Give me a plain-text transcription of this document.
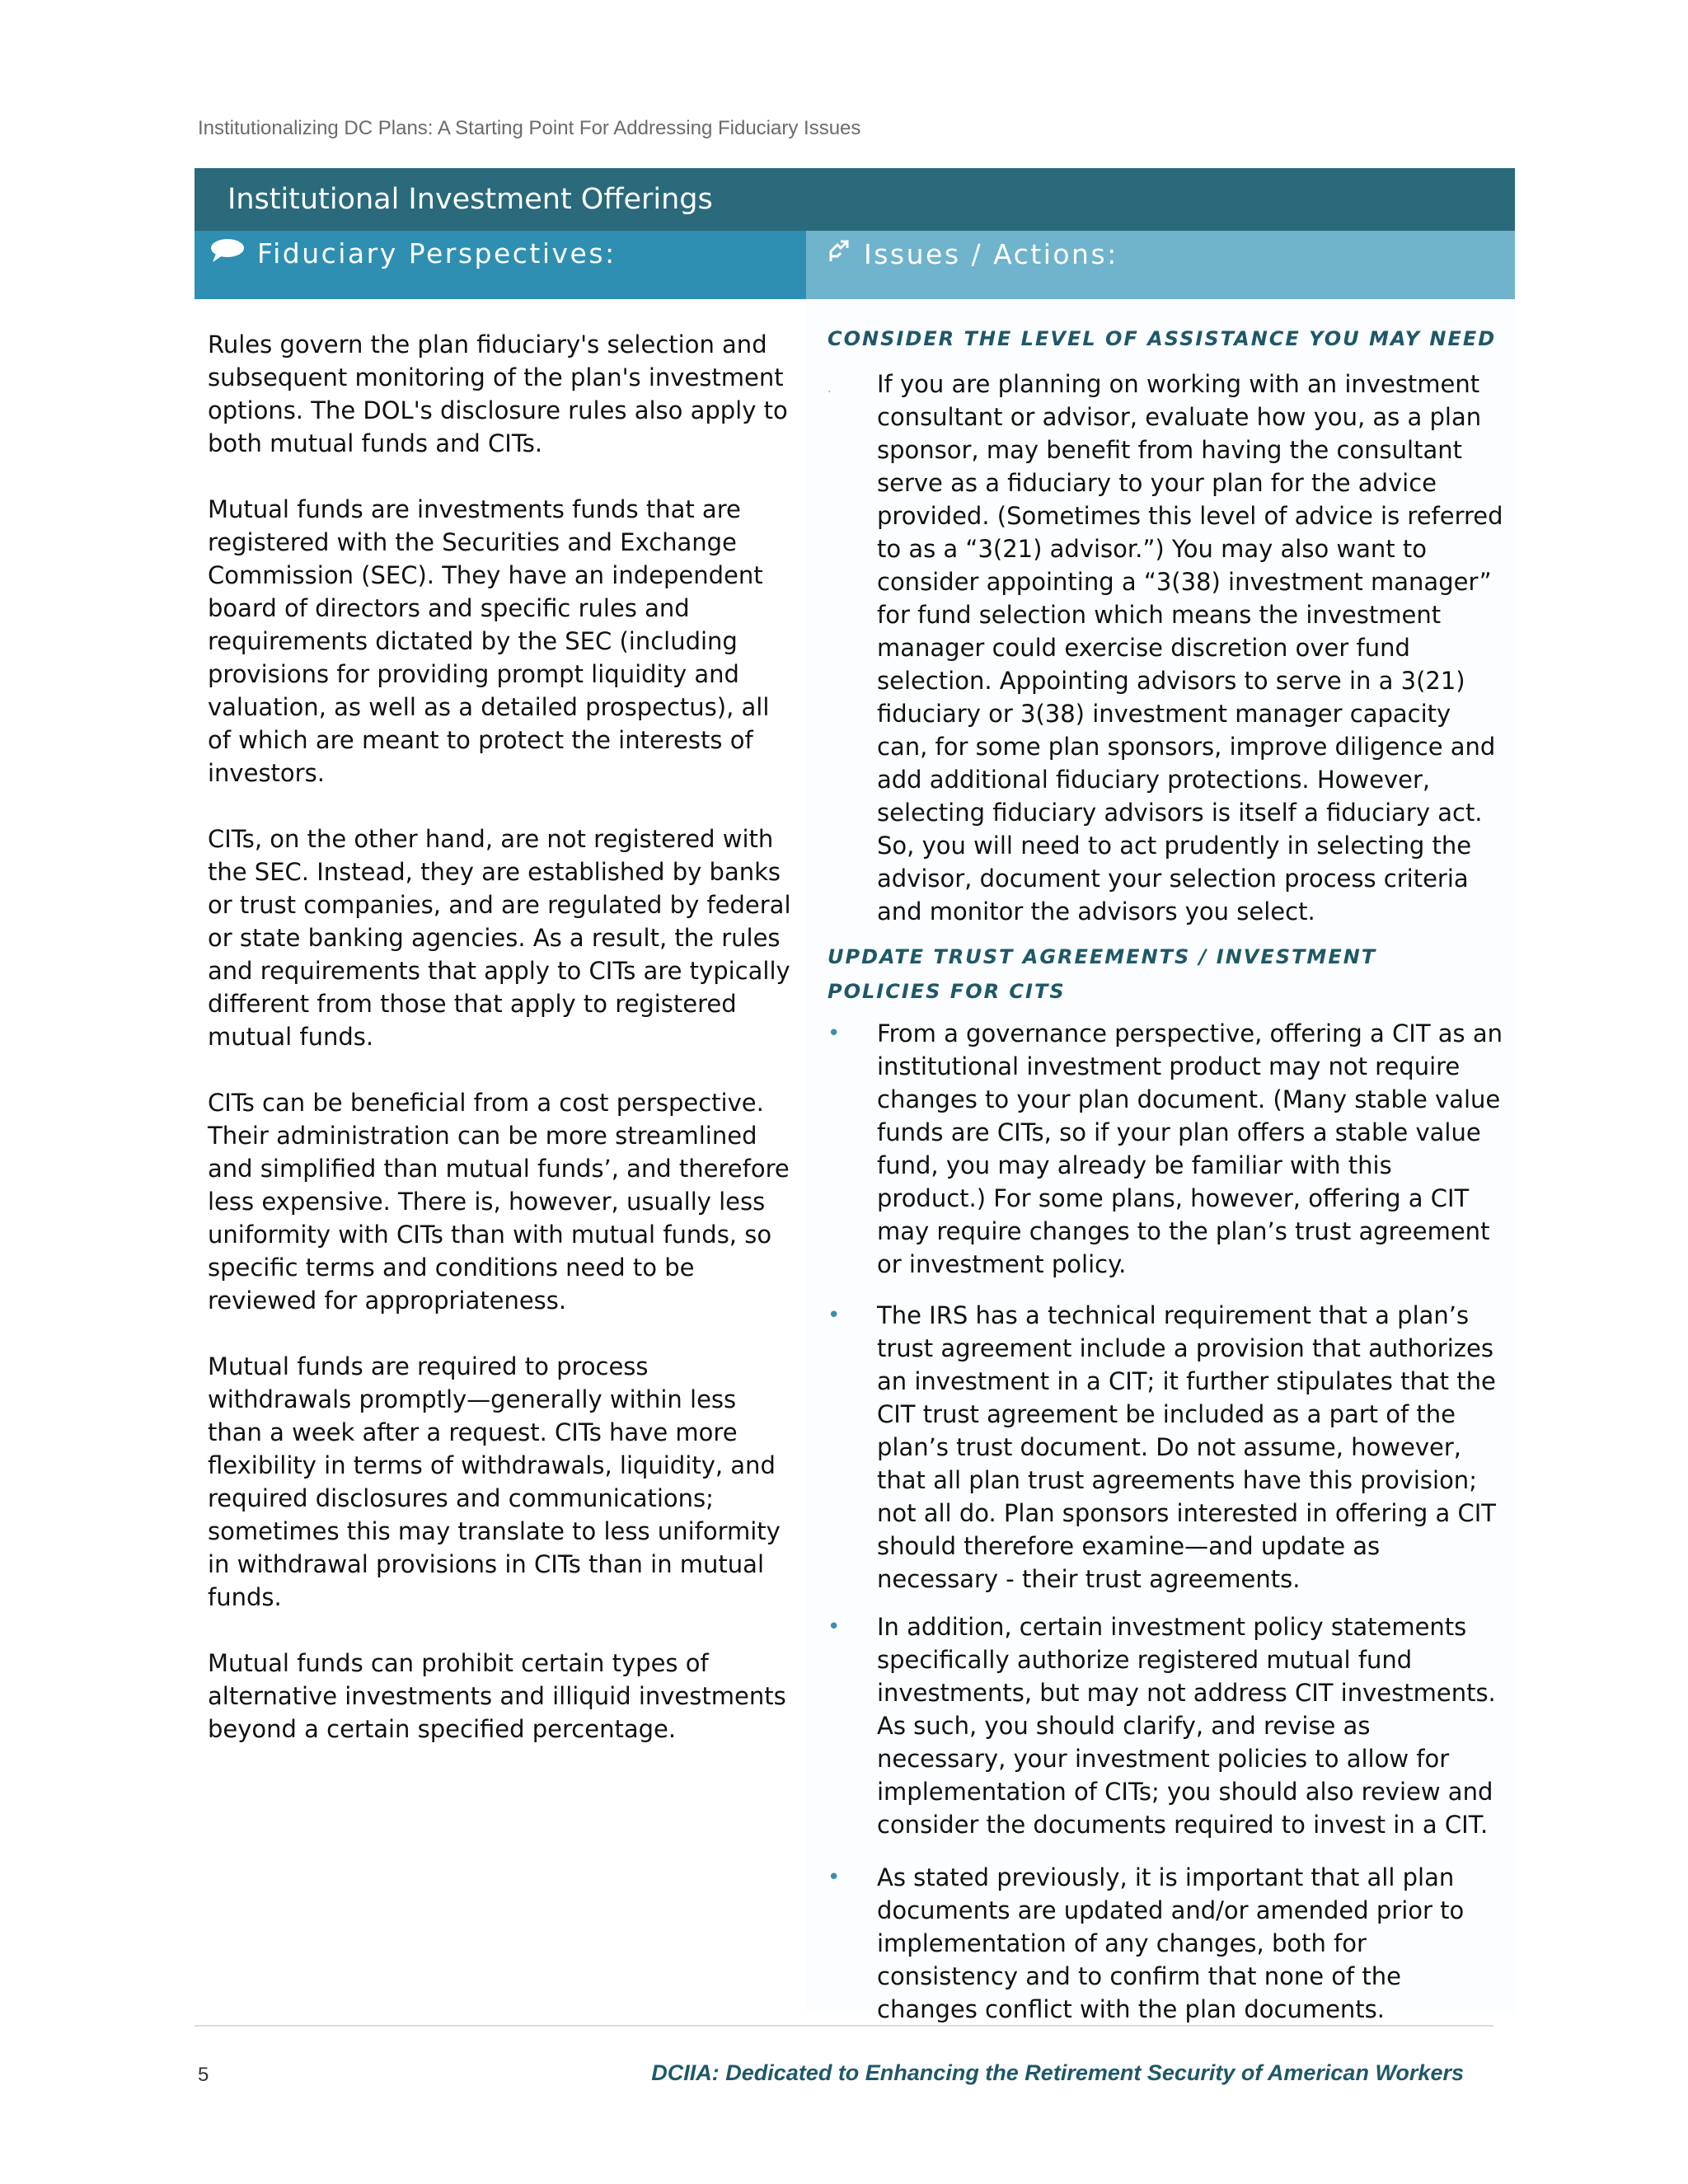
Institutionalizing DC Plans: A Starting Point For Addressing Fiduciary Issues
Institutional Investment Offerings
Fiduciary Perspectives:	Issues / Actions:

Rules govern the plan fiduciary's selection and subsequent monitoring of the plan's investment options. The DOL's disclosure rules also apply to both mutual funds and CITs.

Mutual funds are investments funds that are registered with the Securities and Exchange Commission (SEC). They have an independent board of directors and specific rules and requirements dictated by the SEC (including provisions for providing prompt liquidity and valuation, as well as a detailed prospectus), all of which are meant to protect the interests of investors.

CITs, on the other hand, are not registered with the SEC. Instead, they are established by banks or trust companies, and are regulated by federal or state banking agencies. As a result, the rules and requirements that apply to CITs are typically different from those that apply to registered mutual funds.

CITs can be beneficial from a cost perspective. Their administration can be more streamlined and simplified than mutual funds’, and therefore less expensive. There is, however, usually less uniformity with CITs than with mutual funds, so specific terms and conditions need to be reviewed for appropriateness.

Mutual funds are required to process withdrawals promptly—generally within less than a week after a request. CITs have more flexibility in terms of withdrawals, liquidity, and required disclosures and communications; sometimes this may translate to less uniformity in withdrawal provisions in CITs than in mutual funds.

Mutual funds can prohibit certain types of alternative investments and illiquid investments beyond a certain specified percentage.

CONSIDER THE LEVEL OF ASSISTANCE YOU MAY NEED
. If you are planning on working with an investment consultant or advisor, evaluate how you, as a plan sponsor, may benefit from having the consultant serve as a fiduciary to your plan for the advice provided. (Sometimes this level of advice is referred to as a “3(21) advisor.”) You may also want to consider appointing a “3(38) investment manager” for fund selection which means the investment manager could exercise discretion over fund selection. Appointing advisors to serve in a 3(21) fiduciary or 3(38) investment manager capacity can, for some plan sponsors, improve diligence and add additional fiduciary protections. However, selecting fiduciary advisors is itself a fiduciary act. So, you will need to act prudently in selecting the advisor, document your selection process criteria and monitor the advisors you select.
UPDATE TRUST AGREEMENTS / INVESTMENT POLICIES FOR CITS
• From a governance perspective, offering a CIT as an institutional investment product may not require changes to your plan document. (Many stable value funds are CITs, so if your plan offers a stable value fund, you may already be familiar with this product.) For some plans, however, offering a CIT may require changes to the plan’s trust agreement or investment policy.
• The IRS has a technical requirement that a plan’s trust agreement include a provision that authorizes an investment in a CIT; it further stipulates that the CIT trust agreement be included as a part of the plan’s trust document. Do not assume, however, that all plan trust agreements have this provision; not all do. Plan sponsors interested in offering a CIT should therefore examine—and update as necessary - their trust agreements.
• In addition, certain investment policy statements specifically authorize registered mutual fund investments, but may not address CIT investments. As such, you should clarify, and revise as necessary, your investment policies to allow for implementation of CITs; you should also review and consider the documents required to invest in a CIT.
• As stated previously, it is important that all plan documents are updated and/or amended prior to implementation of any changes, both for consistency and to confirm that none of the changes conflict with the plan documents.
5	DCIIA: Dedicated to Enhancing the Retirement Security of American Workers
